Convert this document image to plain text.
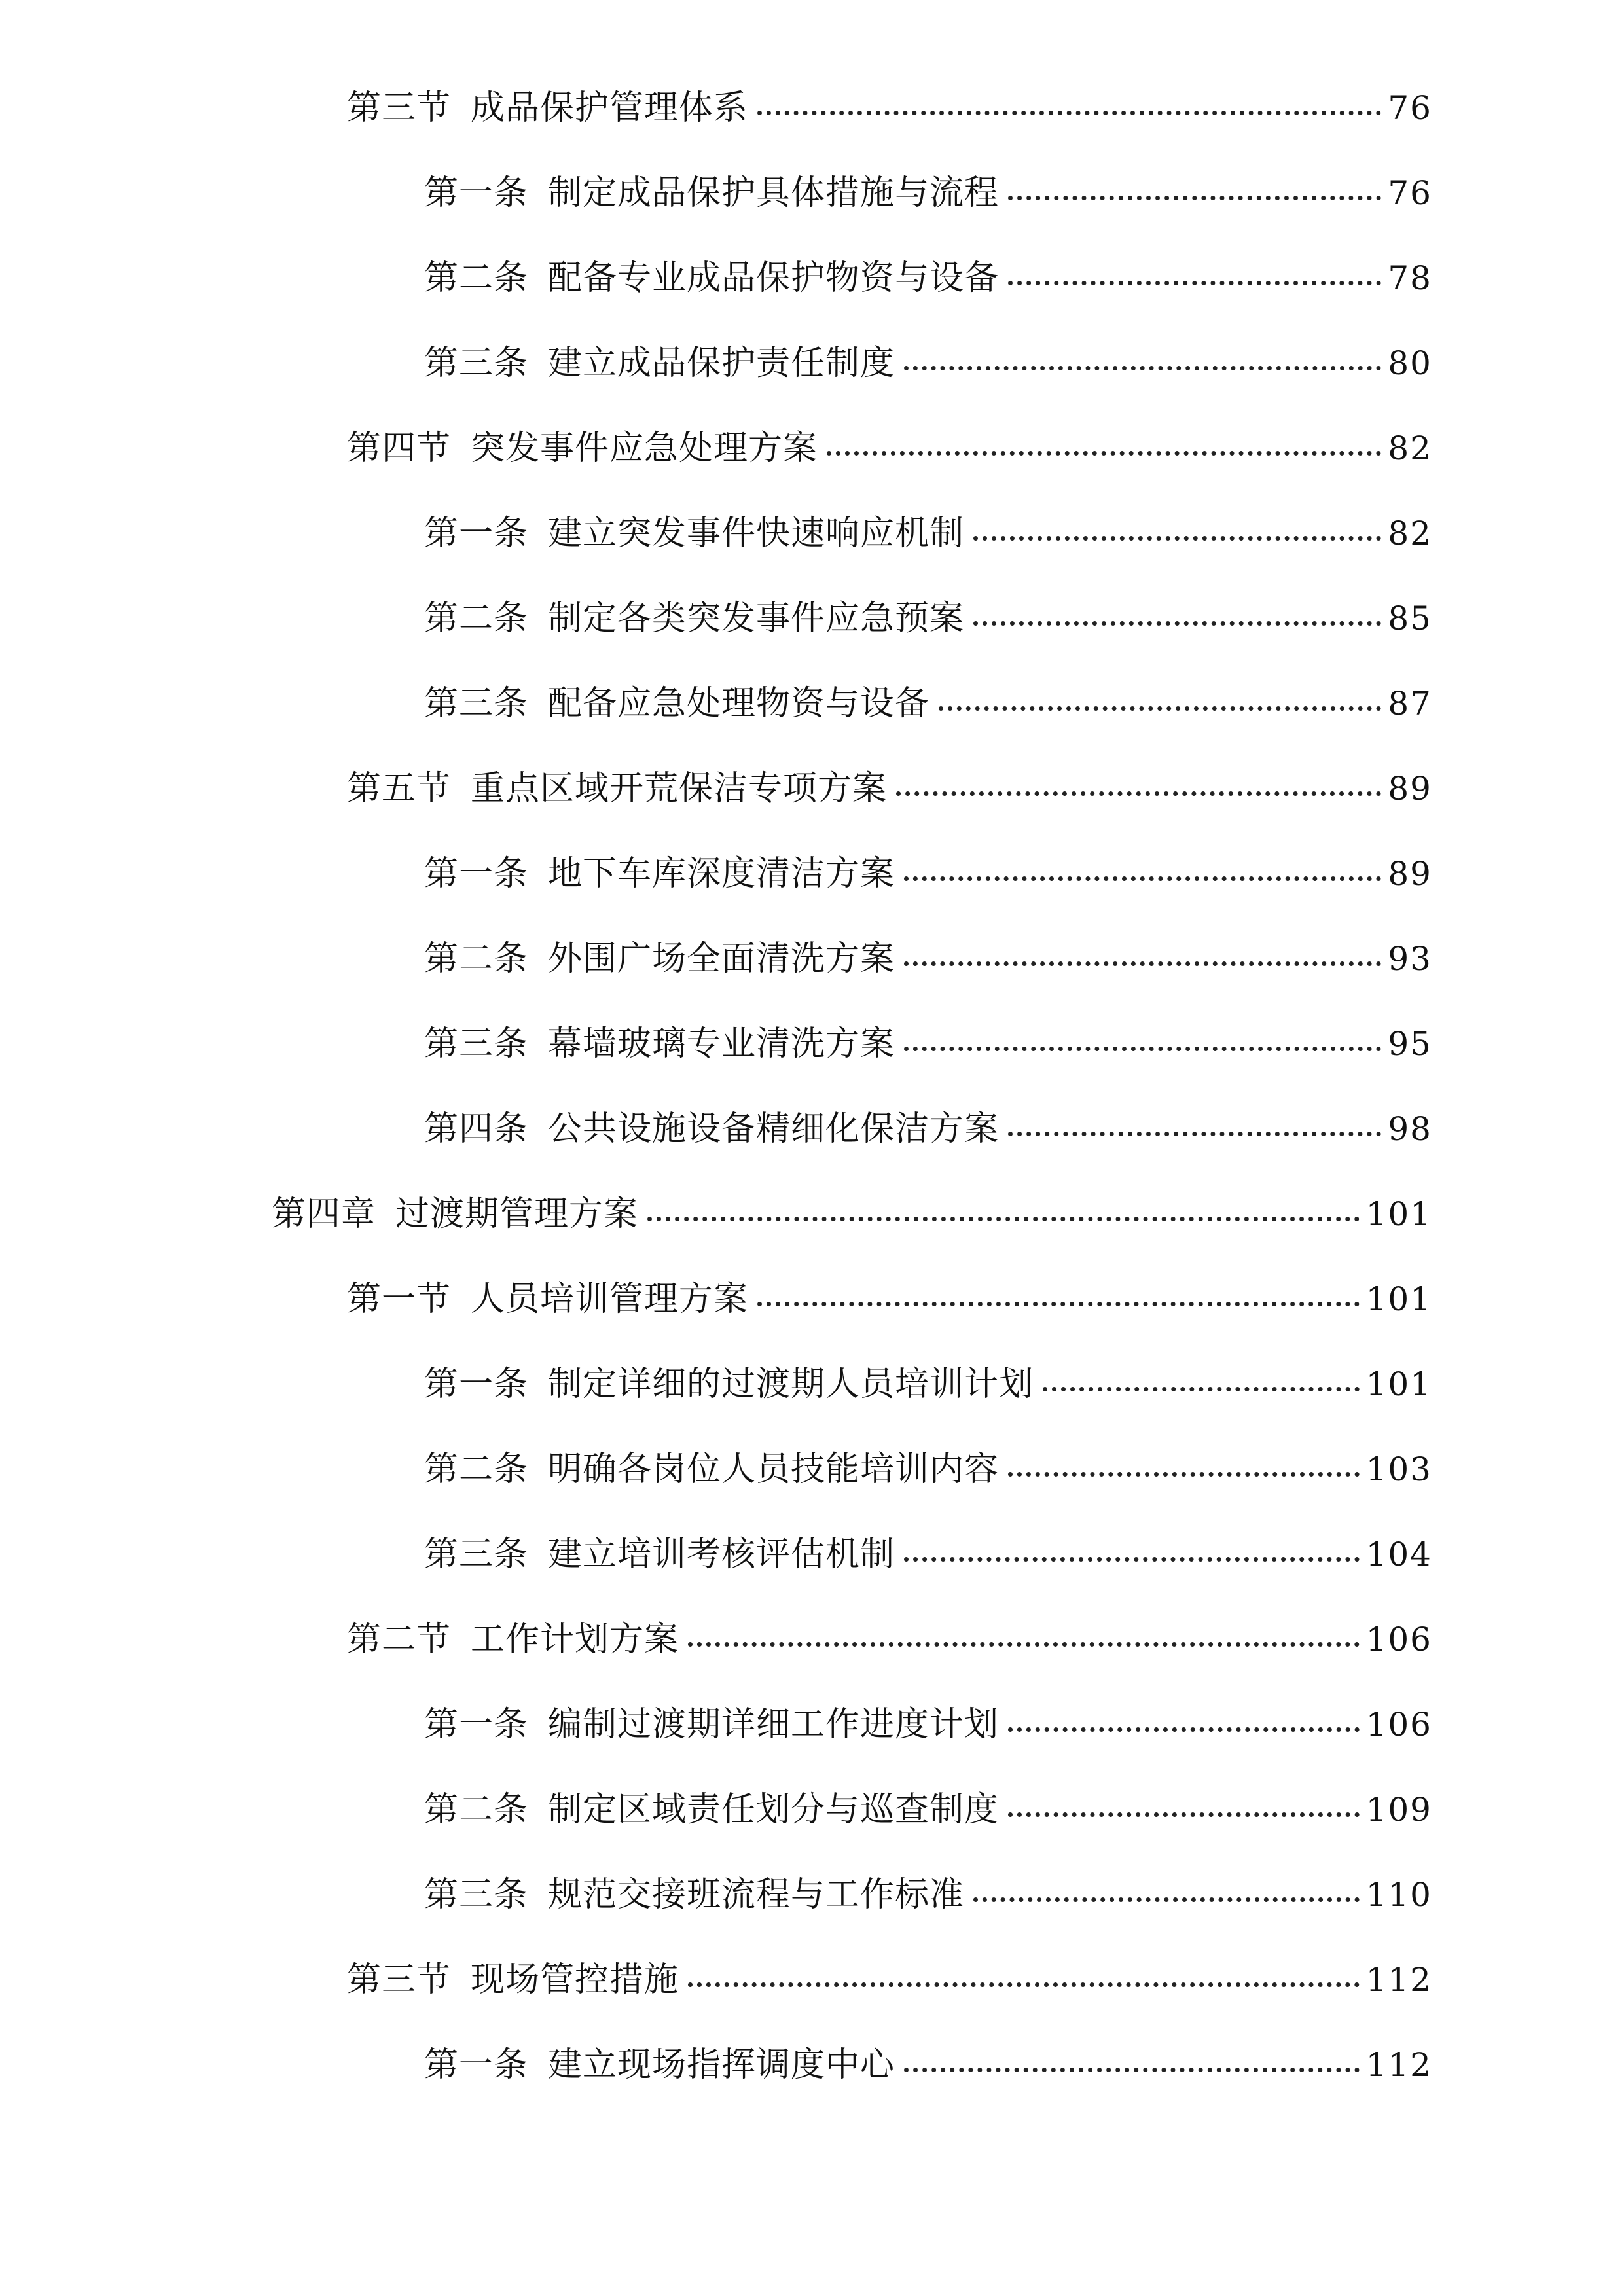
第三节 成品保护管理体系	76
第一条 制定成品保护具体措施与流程	76
第二条 配备专业成品保护物资与设备	78
第三条 建立成品保护责任制度	80
第四节 突发事件应急处理方案	82
第一条 建立突发事件快速响应机制	82
第二条 制定各类突发事件应急预案	85
第三条 配备应急处理物资与设备	87
第五节 重点区域开荒保洁专项方案	89
第一条 地下车库深度清洁方案	89
第二条 外围广场全面清洗方案	93
第三条 幕墙玻璃专业清洗方案	95
第四条 公共设施设备精细化保洁方案	98
第四章 过渡期管理方案	101
第一节 人员培训管理方案	101
第一条 制定详细的过渡期人员培训计划	101
第二条 明确各岗位人员技能培训内容	103
第三条 建立培训考核评估机制	104
第二节 工作计划方案	106
第一条 编制过渡期详细工作进度计划	106
第二条 制定区域责任划分与巡查制度	109
第三条 规范交接班流程与工作标准	110
第三节 现场管控措施	112
第一条 建立现场指挥调度中心	112
